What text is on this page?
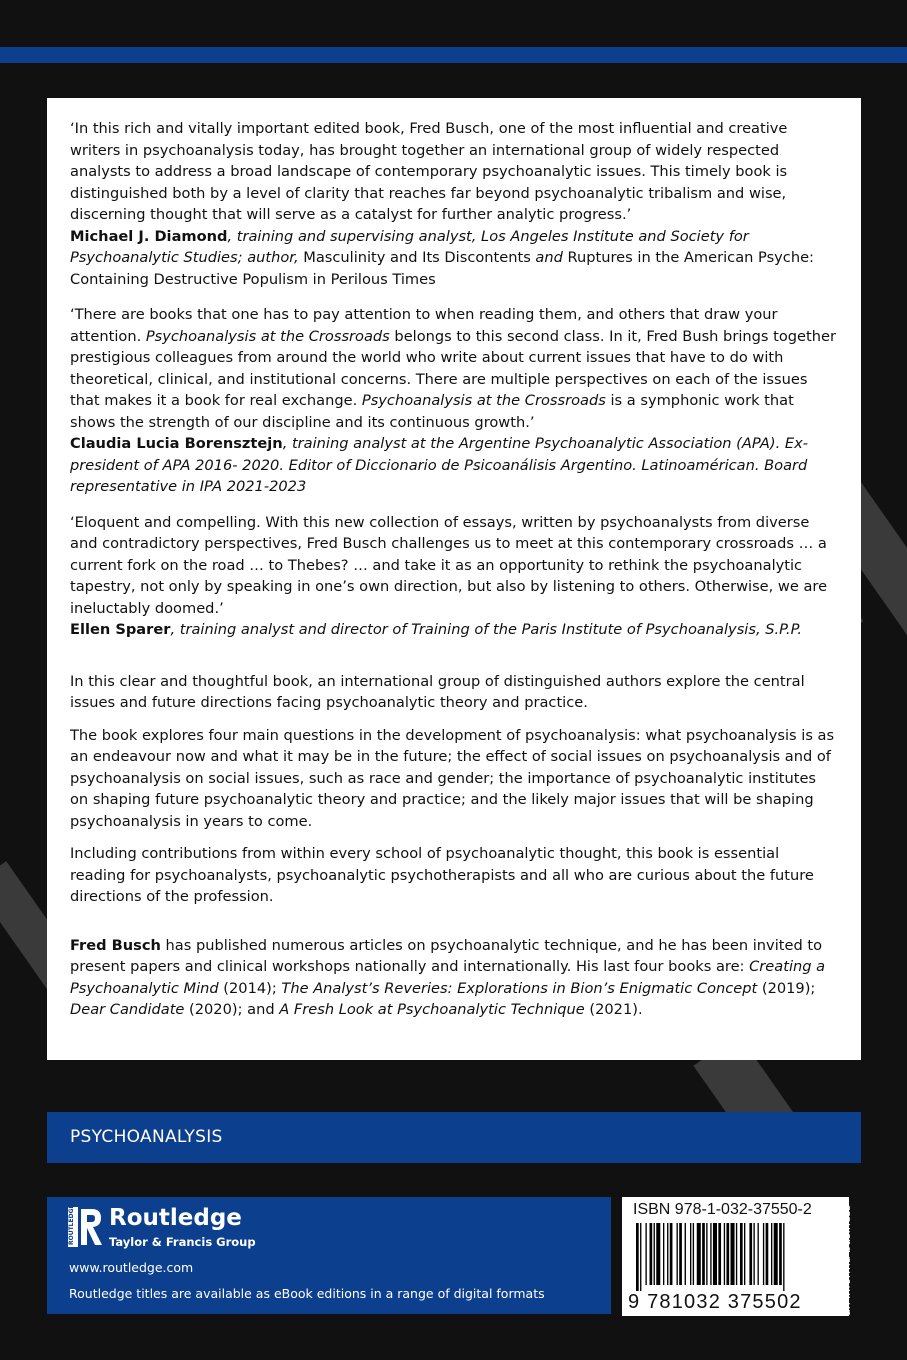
‘In this rich and vitally important edited book, Fred Busch, one of the most influential and creative writers in psychoanalysis today, has brought together an international group of widely respected analysts to address a broad landscape of contemporary psychoanalytic issues. This timely book is distinguished both by a level of clarity that reaches far beyond psychoanalytic tribalism and wise, discerning thought that will serve as a catalyst for further analytic progress.’

Michael J. Diamond, training and supervising analyst, Los Angeles Institute and Society for Psychoanalytic Studies; author, Masculinity and Its Discontents and Ruptures in the American Psyche: Containing Destructive Populism in Perilous Times

‘There are books that one has to pay attention to when reading them, and others that draw your attention. Psychoanalysis at the Crossroads belongs to this second class. In it, Fred Bush brings together prestigious colleagues from around the world who write about current issues that have to do with theoretical, clinical, and institutional concerns. There are multiple perspectives on each of the issues that makes it a book for real exchange. Psychoanalysis at the Crossroads is a symphonic work that shows the strength of our discipline and its continuous growth.’

Claudia Lucia Borensztejn, training analyst at the Argentine Psychoanalytic Association (APA). Ex-president of APA 2016- 2020. Editor of Diccionario de Psicoanálisis Argentino. Latinoamérican. Board representative in IPA 2021-2023

‘Eloquent and compelling. With this new collection of essays, written by psychoanalysts from diverse and contradictory perspectives, Fred Busch challenges us to meet at this contemporary crossroads … a current fork on the road … to Thebes? … and take it as an opportunity to rethink the psychoanalytic tapestry, not only by speaking in one’s own direction, but also by listening to others. Otherwise, we are ineluctably doomed.’

Ellen Sparer, training analyst and director of Training of the Paris Institute of Psychoanalysis, S.P.P.

In this clear and thoughtful book, an international group of distinguished authors explore the central issues and future directions facing psychoanalytic theory and practice.

The book explores four main questions in the development of psychoanalysis: what psychoanalysis is as an endeavour now and what it may be in the future; the effect of social issues on psychoanalysis and of psychoanalysis on social issues, such as race and gender; the importance of psychoanalytic institutes on shaping future psychoanalytic theory and practice; and the likely major issues that will be shaping psychoanalysis in years to come.

Including contributions from within every school of psychoanalytic thought, this book is essential reading for psychoanalysts, psychoanalytic psychotherapists and all who are curious about the future directions of the profession.

Fred Busch has published numerous articles on psychoanalytic technique, and he has been invited to present papers and clinical workshops nationally and internationally. His last four books are: Creating a Psychoanalytic Mind (2014); The Analyst’s Reveries: Explorations in Bion’s Enigmatic Concept (2019); Dear Candidate (2020); and A Fresh Look at Psychoanalytic Technique (2021).

PSYCHOANALYSIS
ROUTLEDGE Routledge
Taylor & Francis Group
www.routledge.com
Routledge titles are available as eBook editions in a range of digital formats
ISBN 978-1-032-37550-2
9 781032 375502	an informa business
